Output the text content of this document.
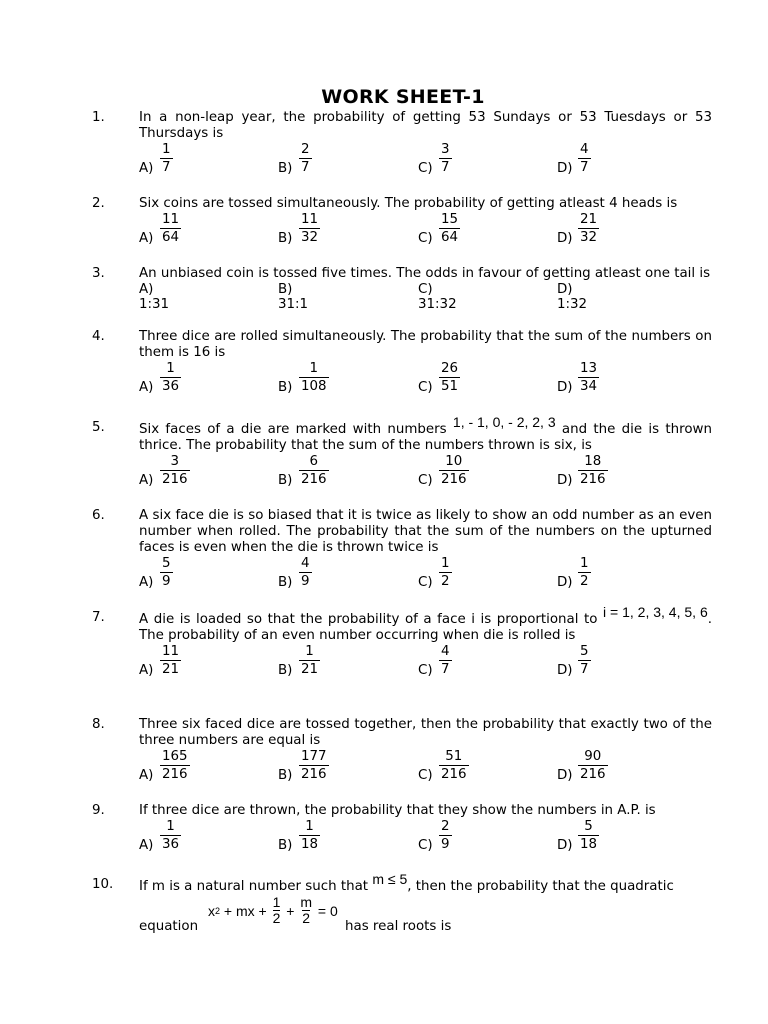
WORK SHEET-1
1.	In a non-leap year, the probability of getting 53 Sundays or 53 Tuesdays or 53 Thursdays is
$A) \frac{1}{7}$	$B) \frac{2}{7}$	$C) \frac{3}{7}$	$D) \frac{4}{7}$
2.	Six coins are tossed simultaneously. The probability of getting atleast 4 heads is
$A) \frac{11}{64}$	$B) \frac{11}{32}$	$C) \frac{15}{64}$	$D) \frac{21}{32}$
3.	An unbiased coin is tossed five times. The odds in favour of getting atleast one tail is
A) 1:31
B) 31:1
C) 31:32
D) 1:32
4.	Three dice are rolled simultaneously. The probability that the sum of the numbers on them is 16 is
$A) \frac{1}{36}$	$B) \frac{1}{108}$	$C) \frac{26}{51}$	$D) \frac{13}{34}$
5.	Six faces of a die are marked with numbers 1, - 1, 0, - 2, 2, 3 and the die is thrown thrice. The probability that the sum of the numbers thrown is six, is
$A) \frac{3}{216}$	$B) \frac{6}{216}$	$C) \frac{10}{216}$	$D) \frac{18}{216}$
6.	A six face die is so biased that it is twice as likely to show an odd number as an even number when rolled. The probability that the sum of the numbers on the upturned faces is even when the die is thrown twice is
$A) \frac{5}{9}$	$B) \frac{4}{9}$	$C) \frac{1}{2}$	$D) \frac{1}{2}$
7.	A die is loaded so that the probability of a face i is proportional to i = 1, 2, 3, 4, 5, 6. The probability of an even number occurring when die is rolled is
$A) \frac{11}{21}$	$B) \frac{1}{21}$	$C) \frac{4}{7}$	$D) \frac{5}{7}$
8.	Three six faced dice are tossed together, then the probability that exactly two of the three numbers are equal is
$A) \frac{165}{216}$	$B) \frac{177}{216}$	$C) \frac{51}{216}$	$D) \frac{90}{216}$
9.	If three dice are thrown, the probability that they show the numbers in A.P. is
$A) \frac{1}{36}$	$B) \frac{1}{18}$	$C) \frac{2}{9}$	$D) \frac{5}{18}$
10. If m is a natural number such that m ≤ 5, then the probability that the quadratic
equation
x 2 + mx + $\frac{1}{2} + \frac{m}{2} = 0$
has real roots is
